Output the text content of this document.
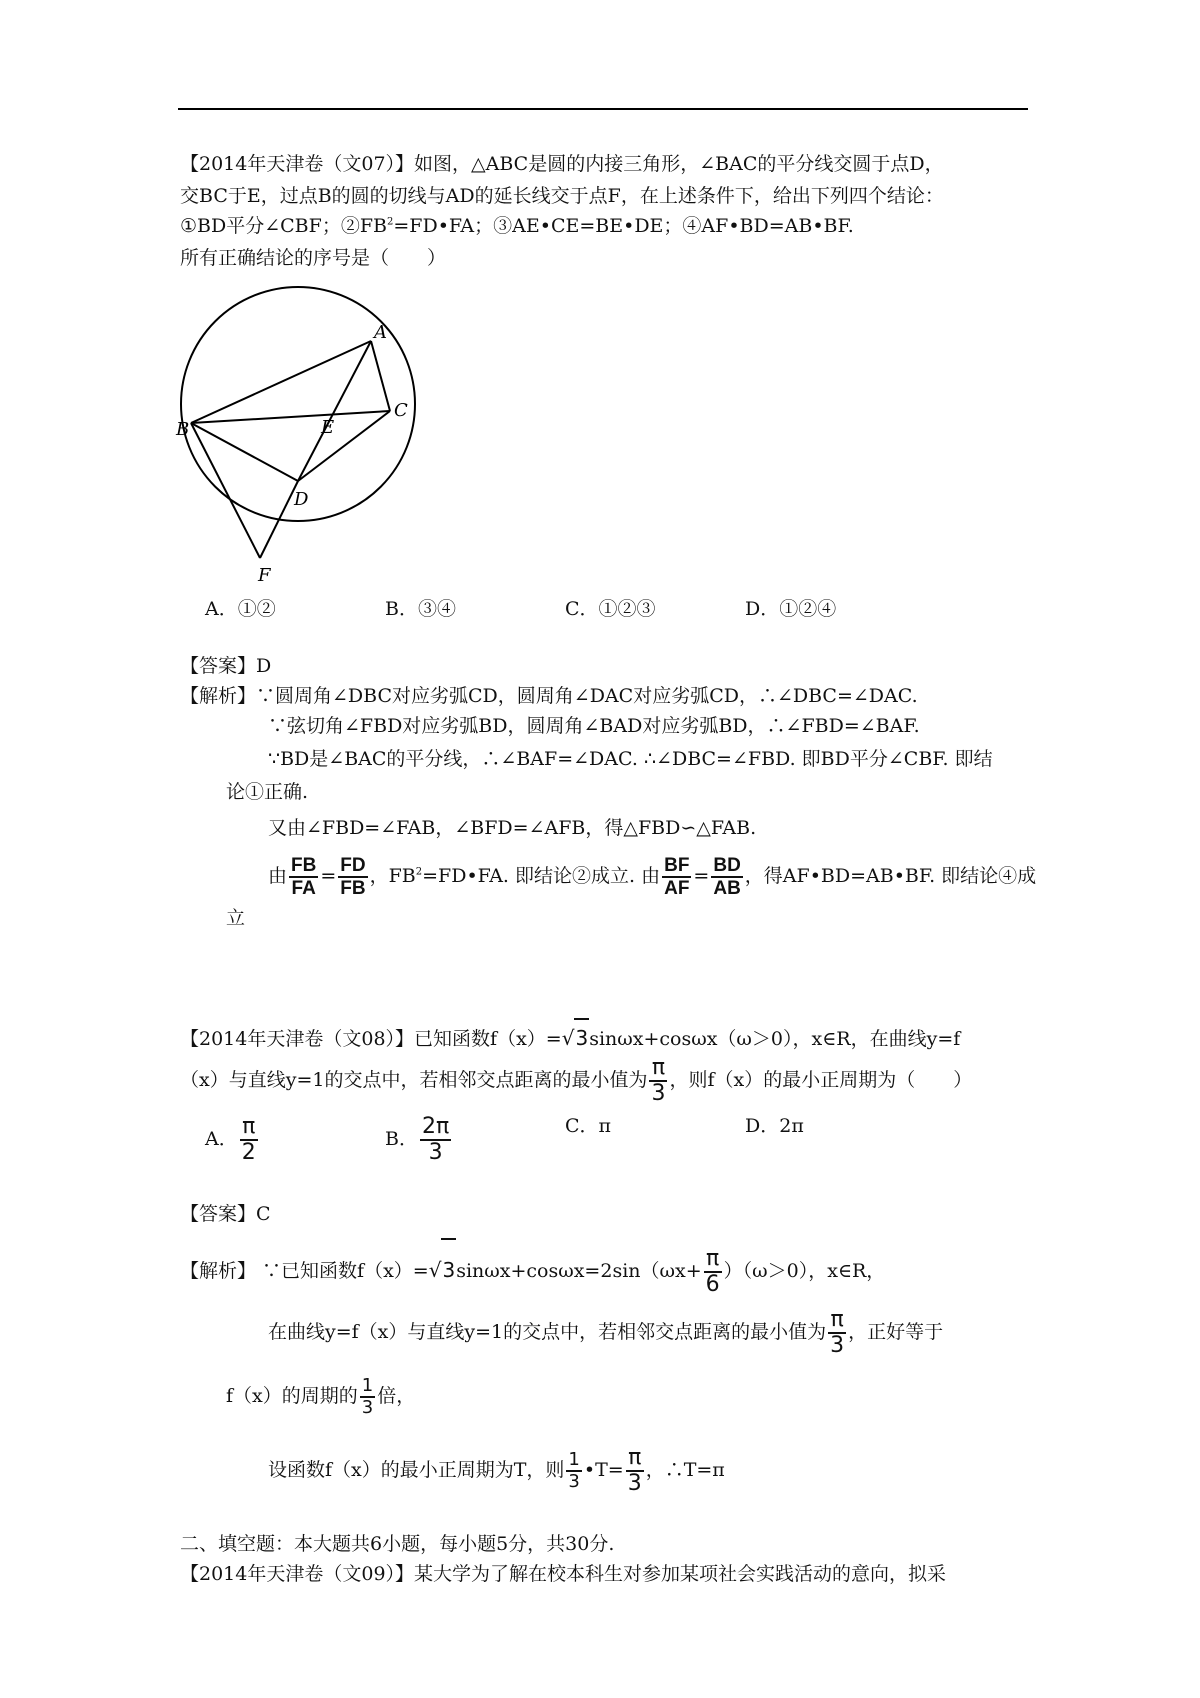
【2014年天津卷（文07）】如图，△ABC是圆的内接三角形，∠BAC的平分线交圆于点D，
交BC于E，过点B的圆的切线与AD的延长线交于点F，在上述条件下，给出下列四个结论：
①BD平分∠CBF；$②FB^2=FD•FA$；③AE•CE=BE•DE；④AF•BD=AB•BF.
所有正确结论的序号是（　　）
A
B
C
D
E
F
A．①②	B．③④	C．①②③	D．①②④
【答案】D
【解析】∵圆周角∠DBC对应劣弧CD，圆周角∠DAC对应劣弧CD，∴∠DBC=∠DAC.
∵弦切角∠FBD对应劣弧BD，圆周角∠BAD对应劣弧BD，∴∠FBD=∠BAF.
∵BD是∠BAC的平分线，∴∠BAF=∠DAC. ∴∠DBC=∠FBD. 即BD平分∠CBF. 即结
论①正确.
又由∠FBD=∠FAB，∠BFD=∠AFB，得△FBD∽△FAB.
由 $\frac{FB}{FA} = \frac{FD}{FB}$ ，$FB^2=FD•FA$. 即结论②成立. 由 $\frac{BF}{AF} = \frac{BD}{AB}$ ，得AF•BD=AB•BF. 即结论④成
立
【2014年天津卷（文08）】已知函数f（x）=√3sinωx+cosωx（ω＞0），x∈R，在曲线y=f
（x）与直线y=1的交点中，若相邻交点距离的最小值为 $\frac{\pi}{3}$ ，则f（x）的最小正周期为（　　）
A． $\frac{\pi}{2}$	B． $\frac{2\pi}{3}$	C．π	D．2π
【答案】C
【解析】 ∵已知函数$f(x)=√3\sin\omega x+\cos\omega x=2\sin(\omega x+ \frac{\pi}{6} )(\omega>0)$，x∈R，
在曲线y=f（x）与直线y=1的交点中，若相邻交点距离的最小值为 $\frac{\pi}{3}$ ，正好等于
f（x）的周期的 $\frac{1}{3}$ 倍，
设函数f（x）的最小正周期为T，则 $\frac{1}{3}$ •T= $\frac{\pi}{3}$ ，∴T=π
二、填空题：本大题共6小题，每小题5分，共30分.
【2014年天津卷（文09）】某大学为了解在校本科生对参加某项社会实践活动的意向，拟采
